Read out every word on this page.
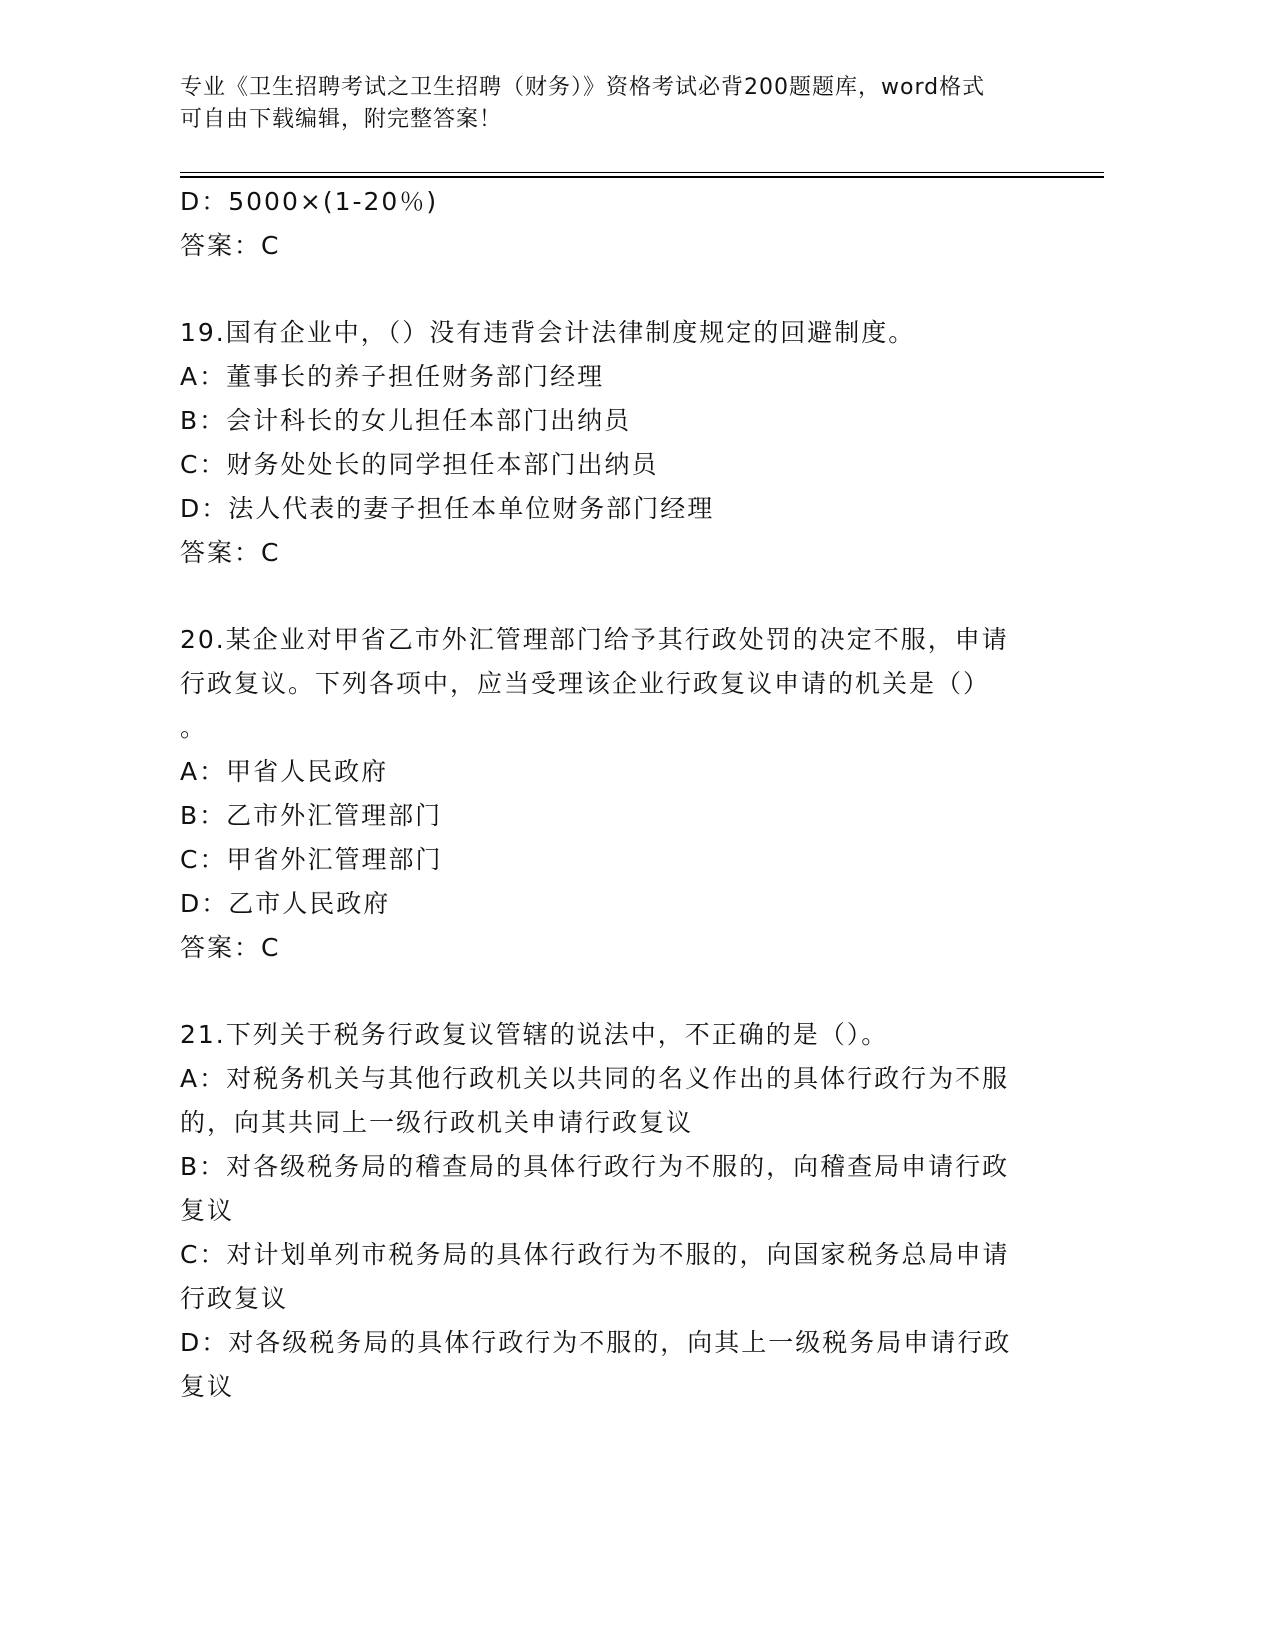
专业《卫生招聘考试之卫生招聘（财务）》资格考试必背200题题库，word格式
可自由下载编辑，附完整答案！
D：5000×(1-20％)
答案：C
19.国有企业中，（）没有违背会计法律制度规定的回避制度。
A：董事长的养子担任财务部门经理
B：会计科长的女儿担任本部门出纳员
C：财务处处长的同学担任本部门出纳员
D：法人代表的妻子担任本单位财务部门经理
答案：C
20.某企业对甲省乙市外汇管理部门给予其行政处罚的决定不服，申请
行政复议。下列各项中，应当受理该企业行政复议申请的机关是（）
。
A：甲省人民政府
B：乙市外汇管理部门
C：甲省外汇管理部门
D：乙市人民政府
答案：C
21.下列关于税务行政复议管辖的说法中，不正确的是（）。
A：对税务机关与其他行政机关以共同的名义作出的具体行政行为不服
的，向其共同上一级行政机关申请行政复议
B：对各级税务局的稽查局的具体行政行为不服的，向稽查局申请行政
复议
C：对计划单列市税务局的具体行政行为不服的，向国家税务总局申请
行政复议
D：对各级税务局的具体行政行为不服的，向其上一级税务局申请行政
复议
